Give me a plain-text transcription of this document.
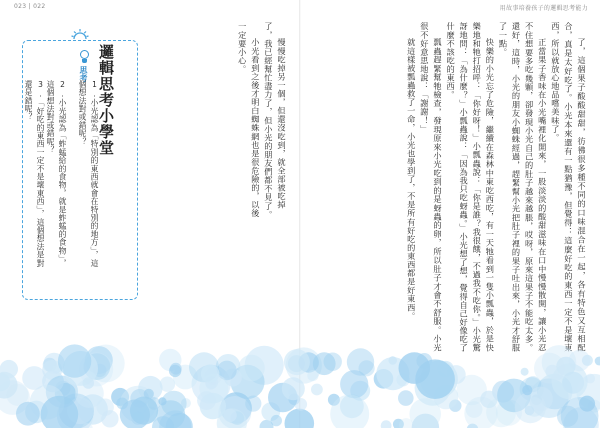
023 | 022	用故事培養孩子的邏輯思考能力

了，這個果子酸酸甜甜，彷彿很多種不同的口味混合在一起，各有特色又互相配合，真是太好吃了。小光本來還有一點猶豫，但覺得：這麼好吃的東西一定不是壞東西，所以就放心地品嚐美味了。

正當果子香味在小光嘴裡化開來，一股淡淡的酸甜滋味在口中慢慢散開，讓小光忍不住想要多吃幾顆，卻發現小光自己的肚子越來越脹，哎呀，原來這果子不能吃太多。還好，這時，小光的朋友小蜘蛛經過，趕緊幫小光把肚子裡的果子吐出來，小光才舒服了一點。

快樂的小光忘了危險，繼續在森林中東吃西吃，有一天牠看到一隻小瓢蟲，於是快樂地和牠打招呼：「你好呀！」小瓢蟲說：「你是誰？我很餓，不過我不吃你。」小光驚訝地問：「為什麼？」小瓢蟲說：「因為我只吃蚜蟲。」小光想了想，覺得自己好像吃了什麼不該吃的東西。

瓢蟲趕緊幫牠檢查，發現原來小光吃到的是蚜蟲的卵，所以肚子才會不舒服。小光很不好意思地說：「謝謝！」

就這樣被瓢蟲救了一命，小光也學到了，不是所有好吃的東西都是好東西。

慢慢吃掉另一個，但還沒吃到，就全部被吃掉了，我已經幫忙盡力了，但小光的朋友們都不見了。

小光看到之後才明白蜘蛛網也是很危險的，以後一定要小心。

邏輯思考小學堂
思考
1.小光認為「特別的東西就會在特別的地方」，這個想法對或錯呢？
2.小光認為「蚱蜢給的食物，就是蚱蜢的食物」，這個想法對或錯呢？
3.「好吃的東西一定不是壞東西」，這個想法是對還是錯呢？
